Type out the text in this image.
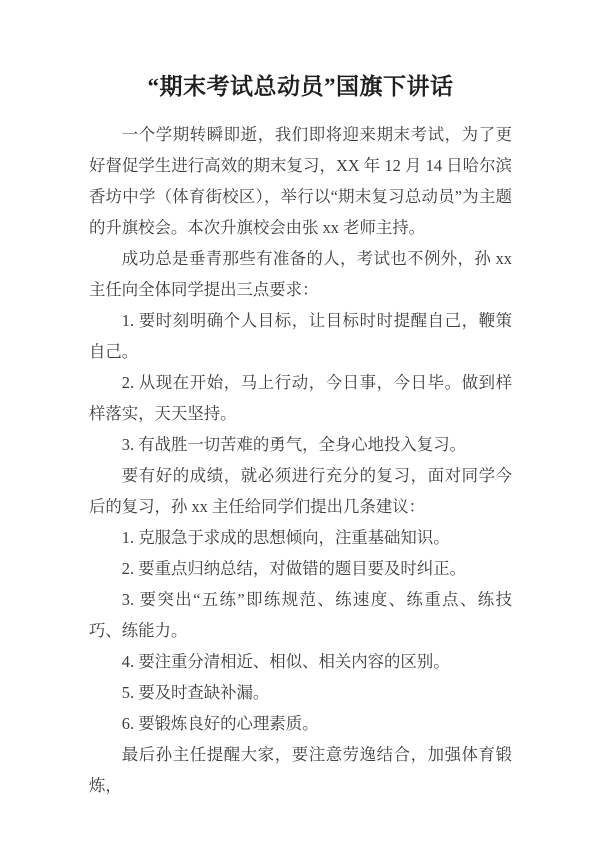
“期末考试总动员”国旗下讲话

一个学期转瞬即逝，我们即将迎来期末考试，为了更好督促学生进行高效的期末复习，XX 年 12 月 14 日哈尔滨香坊中学（体育街校区），举行以“期末复习总动员”为主题的升旗校会。本次升旗校会由张 xx 老师主持。

成功总是垂青那些有准备的人，考试也不例外，孙 xx 主任向全体同学提出三点要求：

1. 要时刻明确个人目标，让目标时时提醒自己，鞭策自己。

2. 从现在开始，马上行动，今日事，今日毕。做到样样落实，天天坚持。

3. 有战胜一切苦难的勇气，全身心地投入复习。

要有好的成绩，就必须进行充分的复习，面对同学今后的复习，孙 xx 主任给同学们提出几条建议：

1. 克服急于求成的思想倾向，注重基础知识。

2. 要重点归纳总结，对做错的题目要及时纠正。

3. 要突出“五练”即练规范、练速度、练重点、练技巧、练能力。

4. 要注重分清相近、相似、相关内容的区别。

5. 要及时查缺补漏。

6. 要锻炼良好的心理素质。

最后孙主任提醒大家，要注意劳逸结合，加强体育锻炼，
